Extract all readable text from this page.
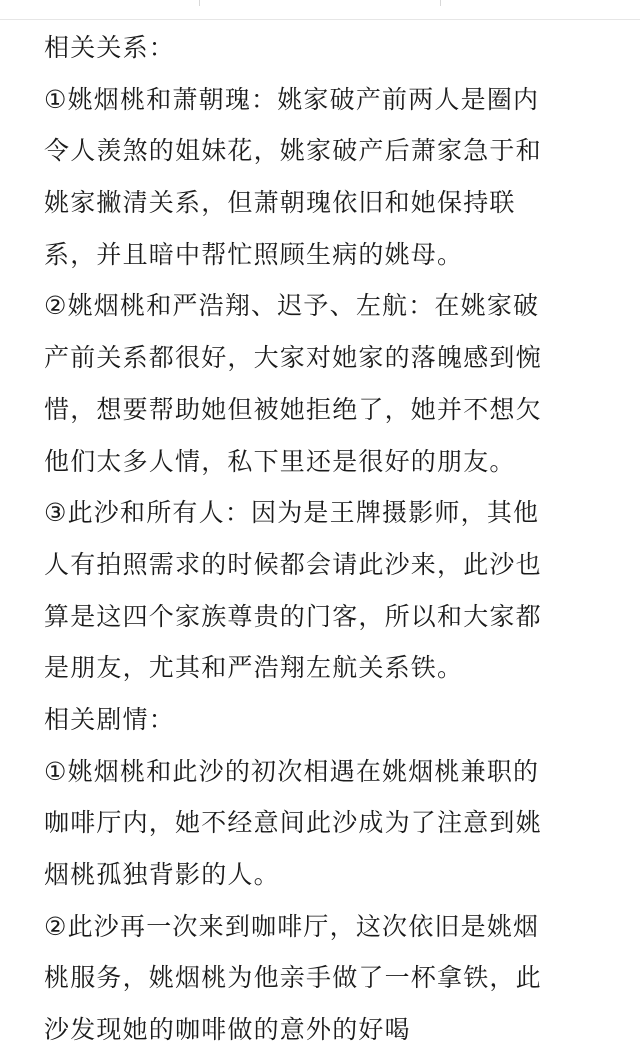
相关关系：
①姚烟桃和萧朝瑰：姚家破产前两人是圈内
令人羡煞的姐妹花，姚家破产后萧家急于和
姚家撇清关系，但萧朝瑰依旧和她保持联
系，并且暗中帮忙照顾生病的姚母。
②姚烟桃和严浩翔、迟予、左航：在姚家破
产前关系都很好，大家对她家的落魄感到惋
惜，想要帮助她但被她拒绝了，她并不想欠
他们太多人情，私下里还是很好的朋友。
③此沙和所有人：因为是王牌摄影师，其他
人有拍照需求的时候都会请此沙来，此沙也
算是这四个家族尊贵的门客，所以和大家都
是朋友，尤其和严浩翔左航关系铁。
相关剧情：
①姚烟桃和此沙的初次相遇在姚烟桃兼职的
咖啡厅内，她不经意间此沙成为了注意到姚
烟桃孤独背影的人。
②此沙再一次来到咖啡厅，这次依旧是姚烟
桃服务，姚烟桃为他亲手做了一杯拿铁，此
沙发现她的咖啡做的意外的好喝
